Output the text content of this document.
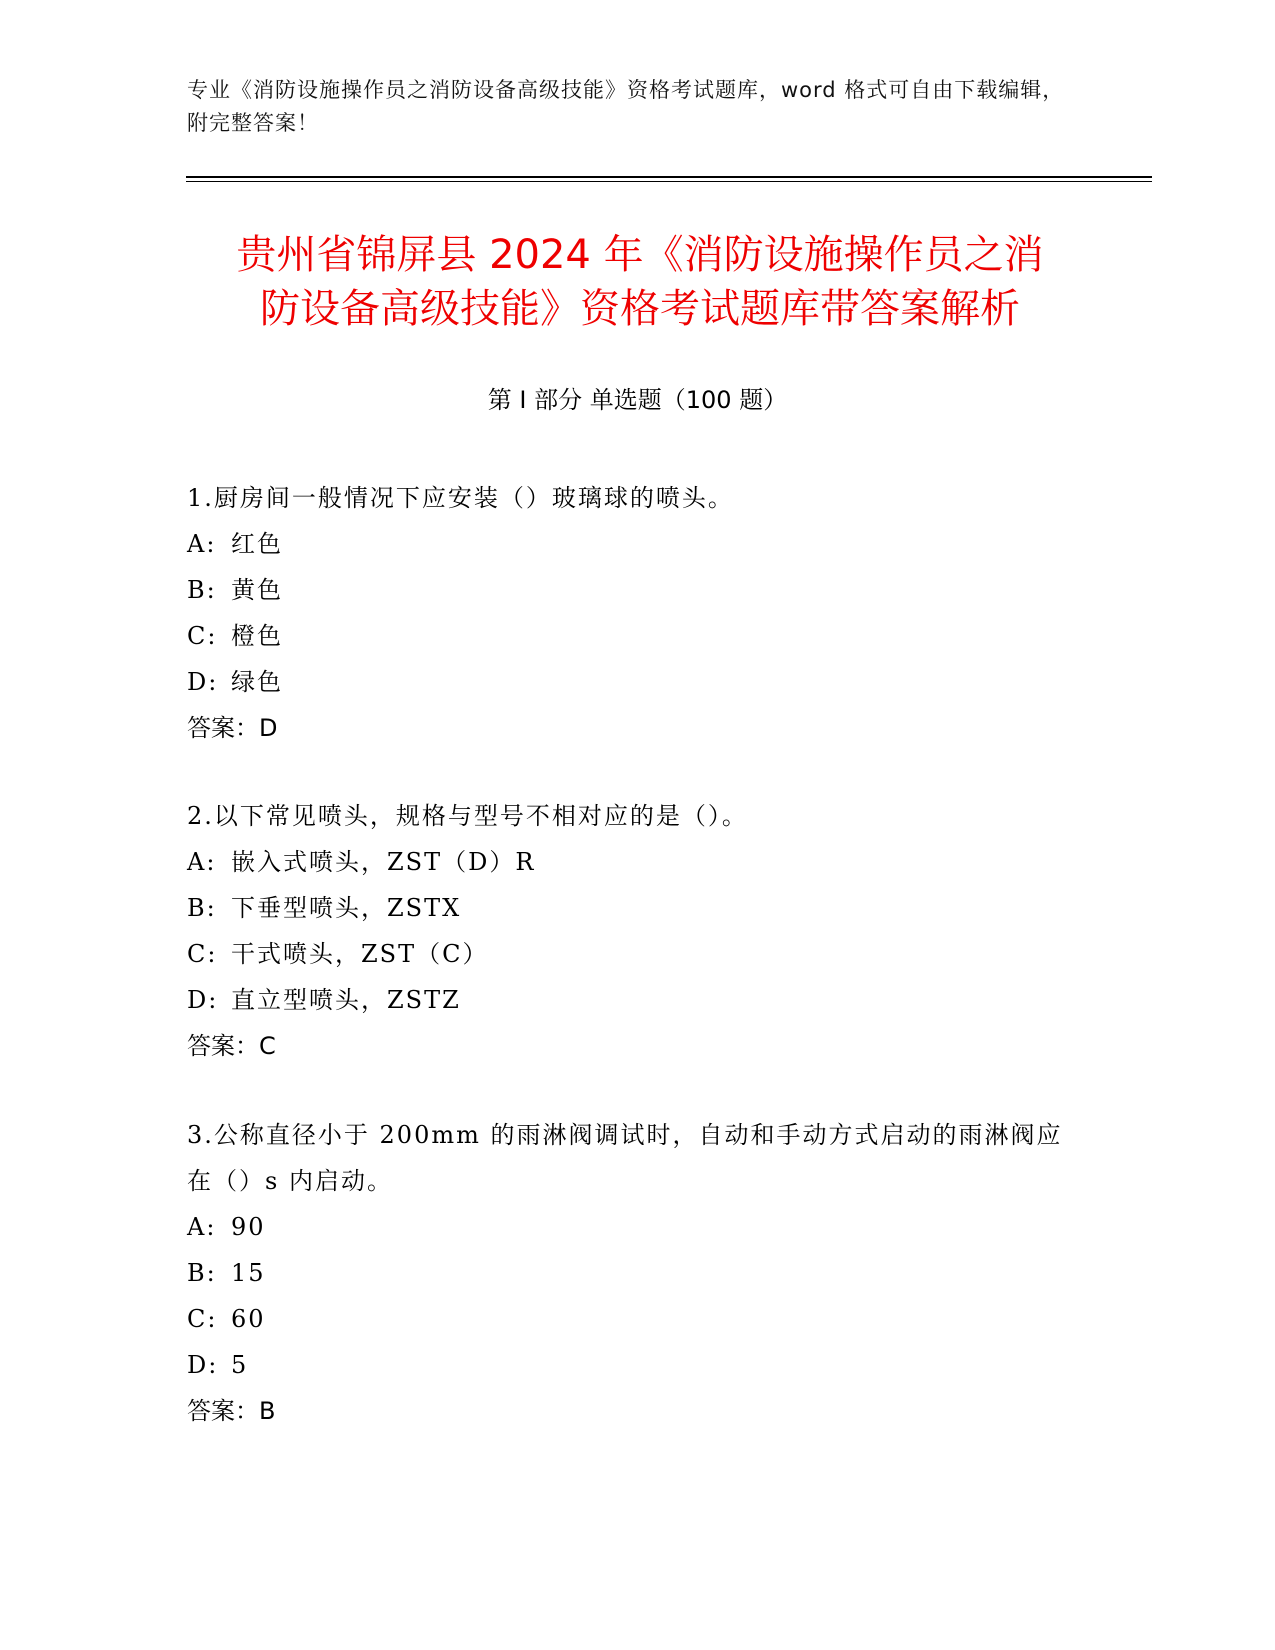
专业《消防设施操作员之消防设备高级技能》资格考试题库，word 格式可自由下载编辑，附完整答案！
贵州省锦屏县 2024 年《消防设施操作员之消
防设备高级技能》资格考试题库带答案解析
第 I 部分 单选题（100 题）

1.厨房间一般情况下应安装（）玻璃球的喷头。

A: 红色

B: 黄色

C: 橙色

D: 绿色

答案：D

2.以下常见喷头，规格与型号不相对应的是（）。

A: 嵌入式喷头，ZST（D）R

B: 下垂型喷头，ZSTX

C: 干式喷头，ZST（C）

D: 直立型喷头，ZSTZ

答案：C

3.公称直径小于 200mm 的雨淋阀调试时，自动和手动方式启动的雨淋阀应在（）s 内启动。

A: 90

B: 15

C: 60

D: 5

答案：B
